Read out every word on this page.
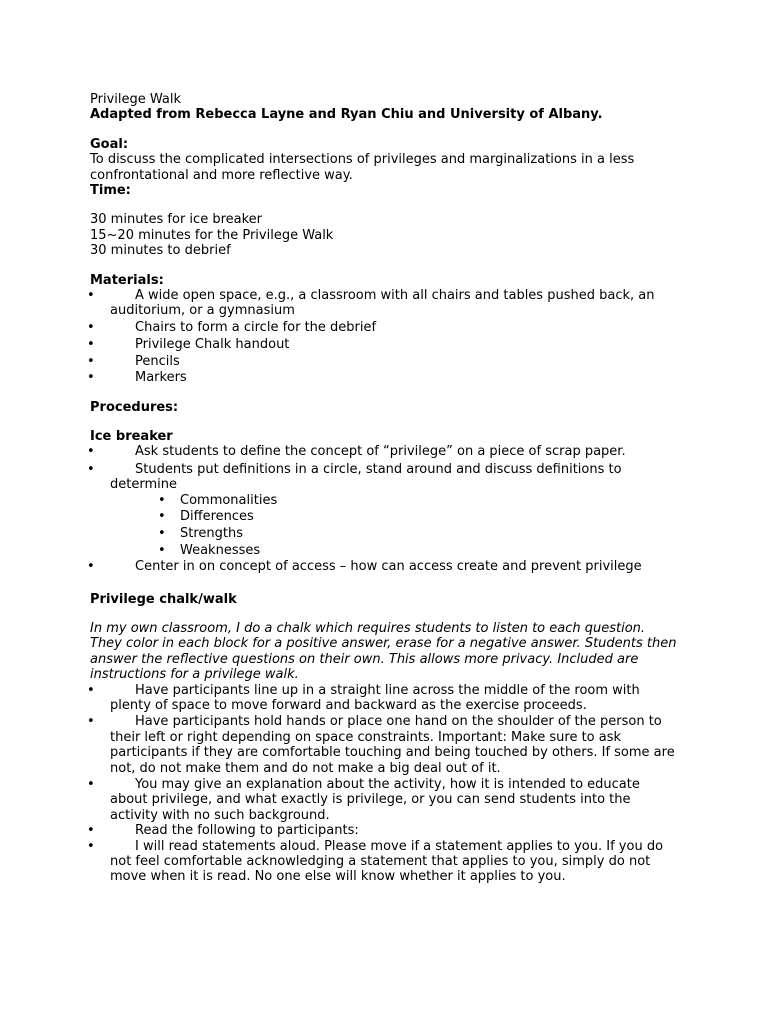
Privilege Walk

Adapted from Rebecca Layne and Ryan Chiu and University of Albany.

Goal:

To discuss the complicated intersections of privileges and marginalizations in a less confrontational and more reflective way.

Time:

30 minutes for ice breaker

15~20 minutes for the Privilege Walk

30 minutes to debrief

Materials:

•	A wide open space, e.g., a classroom with all chairs and tables pushed back, an auditorium, or a gymnasium
•	Chairs to form a circle for the debrief
•	Privilege Chalk handout
•	Pencils
•	Markers

Procedures:

Ice breaker

•	Ask students to define the concept of “privilege” on a piece of scrap paper.
•	Students put definitions in a circle, stand around and discuss definitions to determine
• Commonalities
• Differences
• Strengths
• Weaknesses
•	Center in on concept of access – how can access create and prevent privilege

Privilege chalk/walk

In my own classroom, I do a chalk which requires students to listen to each question. They color in each block for a positive answer, erase for a negative answer. Students then answer the reflective questions on their own. This allows more privacy. Included are instructions for a privilege walk.

•	Have participants line up in a straight line across the middle of the room with plenty of space to move forward and backward as the exercise proceeds.
•	Have participants hold hands or place one hand on the shoulder of the person to their left or right depending on space constraints. Important: Make sure to ask participants if they are comfortable touching and being touched by others. If some are not, do not make them and do not make a big deal out of it.
•	You may give an explanation about the activity, how it is intended to educate about privilege, and what exactly is privilege, or you can send students into the activity with no such background.
•	Read the following to participants:
•	I will read statements aloud. Please move if a statement applies to you. If you do not feel comfortable acknowledging a statement that applies to you, simply do not move when it is read. No one else will know whether it applies to you.
